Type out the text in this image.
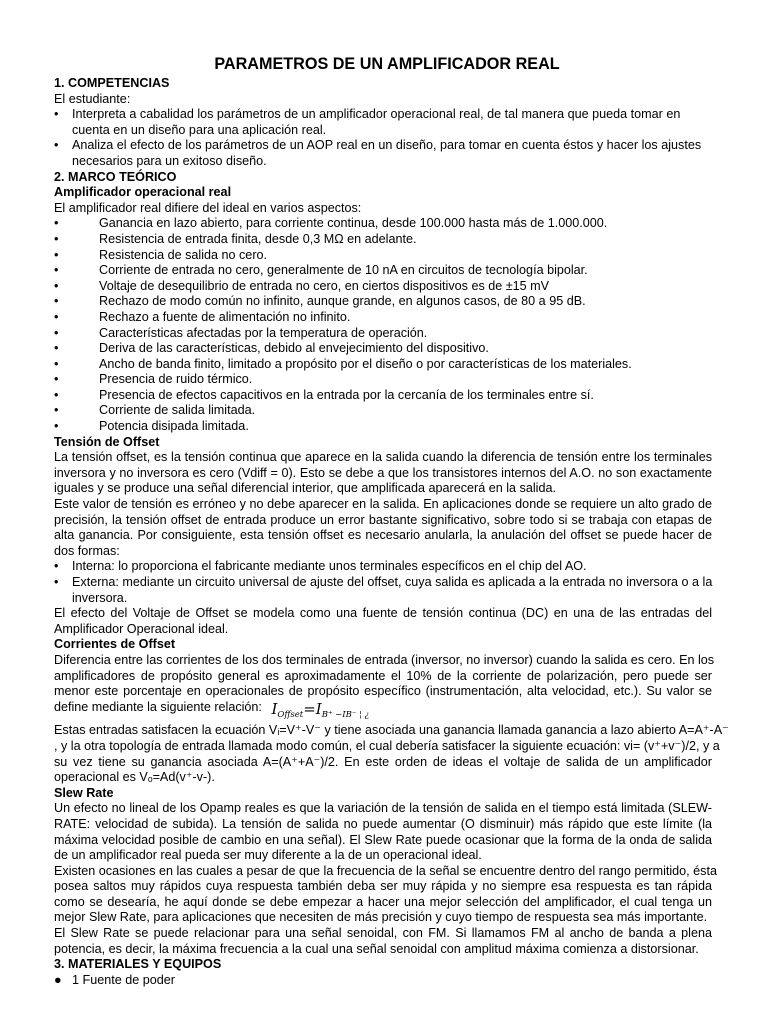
PARAMETROS DE UN AMPLIFICADOR REAL
1. COMPETENCIAS
El estudiante:
• Interpreta a cabalidad los parámetros de un amplificador operacional real, de tal manera que pueda tomar en
cuenta en un diseño para una aplicación real.
• Analiza el efecto de los parámetros de un AOP real en un diseño, para tomar en cuenta éstos y hacer los ajustes
necesarios para un exitoso diseño.
2. MARCO TEÓRICO
Amplificador operacional real
El amplificador real difiere del ideal en varios aspectos:
•	Ganancia en lazo abierto, para corriente continua, desde 100.000 hasta más de 1.000.000.
•	Resistencia de entrada finita, desde 0,3 MΩ en adelante.
•	Resistencia de salida no cero.
•	Corriente de entrada no cero, generalmente de 10 nA en circuitos de tecnología bipolar.
•	Voltaje de desequilibrio de entrada no cero, en ciertos dispositivos es de ±15 mV
•	Rechazo de modo común no infinito, aunque grande, en algunos casos, de 80 a 95 dB.
•	Rechazo a fuente de alimentación no infinito.
•	Características afectadas por la temperatura de operación.
•	Deriva de las características, debido al envejecimiento del dispositivo.
•	Ancho de banda finito, limitado a propósito por el diseño o por características de los materiales.
•	Presencia de ruido térmico.
•	Presencia de efectos capacitivos en la entrada por la cercanía de los terminales entre sí.
•	Corriente de salida limitada.
•	Potencia disipada limitada.
Tensión de Offset
La tensión offset, es la tensión continua que aparece en la salida cuando la diferencia de tensión entre los terminales
inversora y no inversora es cero (Vdiff = 0). Esto se debe a que los transistores internos del A.O. no son exactamente
iguales y se produce una señal diferencial interior, que amplificada aparecerá en la salida.
Este valor de tensión es erróneo y no debe aparecer en la salida. En aplicaciones donde se requiere un alto grado de
precisión, la tensión offset de entrada produce un error bastante significativo, sobre todo si se trabaja con etapas de
alta ganancia. Por consiguiente, esta tensión offset es necesario anularla, la anulación del offset se puede hacer de
dos formas:
• Interna: lo proporciona el fabricante mediante unos terminales específicos en el chip del AO.
• Externa: mediante un circuito universal de ajuste del offset, cuya salida es aplicada a la entrada no inversora o a la
inversora.
El efecto del Voltaje de Offset se modela como una fuente de tensión continua (DC) en una de las entradas del
Amplificador Operacional ideal.
Corrientes de Offset
Diferencia entre las corrientes de los dos terminales de entrada (inversor, no inversor) cuando la salida es cero. En los
amplificadores de propósito general es aproximadamente el 10% de la corriente de polarización, pero puede ser
menor este porcentaje en operacionales de propósito específico (instrumentación, alta velocidad, etc.). Su valor se
define mediante la siguiente relación: $I_{Offset}=I_{B^+ -IB^- ¦ ¿}$
Estas entradas satisfacen la ecuación Vᵢ=V⁺-V⁻ y tiene asociada una ganancia llamada ganancia a lazo abierto A=A⁺-A⁻
, y la otra topología de entrada llamada modo común, el cual debería satisfacer la siguiente ecuación: vi= (v⁺+v⁻)/2, y a
su vez tiene su ganancia asociada A=(A⁺+A⁻)/2. En este orden de ideas el voltaje de salida de un amplificador
operacional es Vₒ=Ad(v⁺-v-).
Slew Rate
Un efecto no lineal de los Opamp reales es que la variación de la tensión de salida en el tiempo está limitada (SLEW-
RATE: velocidad de subida). La tensión de salida no puede aumentar (O disminuir) más rápido que este límite (la
máxima velocidad posible de cambio en una señal). El Slew Rate puede ocasionar que la forma de la onda de salida
de un amplificador real pueda ser muy diferente a la de un operacional ideal.
Existen ocasiones en las cuales a pesar de que la frecuencia de la señal se encuentre dentro del rango permitido, ésta
posea saltos muy rápidos cuya respuesta también deba ser muy rápida y no siempre esa respuesta es tan rápida
como se desearía, he aquí donde se debe empezar a hacer una mejor selección del amplificador, el cual tenga un
mejor Slew Rate, para aplicaciones que necesiten de más precisión y cuyo tiempo de respuesta sea más importante.
El Slew Rate se puede relacionar para una señal senoidal, con FM. Si llamamos FM al ancho de banda a plena
potencia, es decir, la máxima frecuencia a la cual una señal senoidal con amplitud máxima comienza a distorsionar.
3. MATERIALES Y EQUIPOS
● 1 Fuente de poder
